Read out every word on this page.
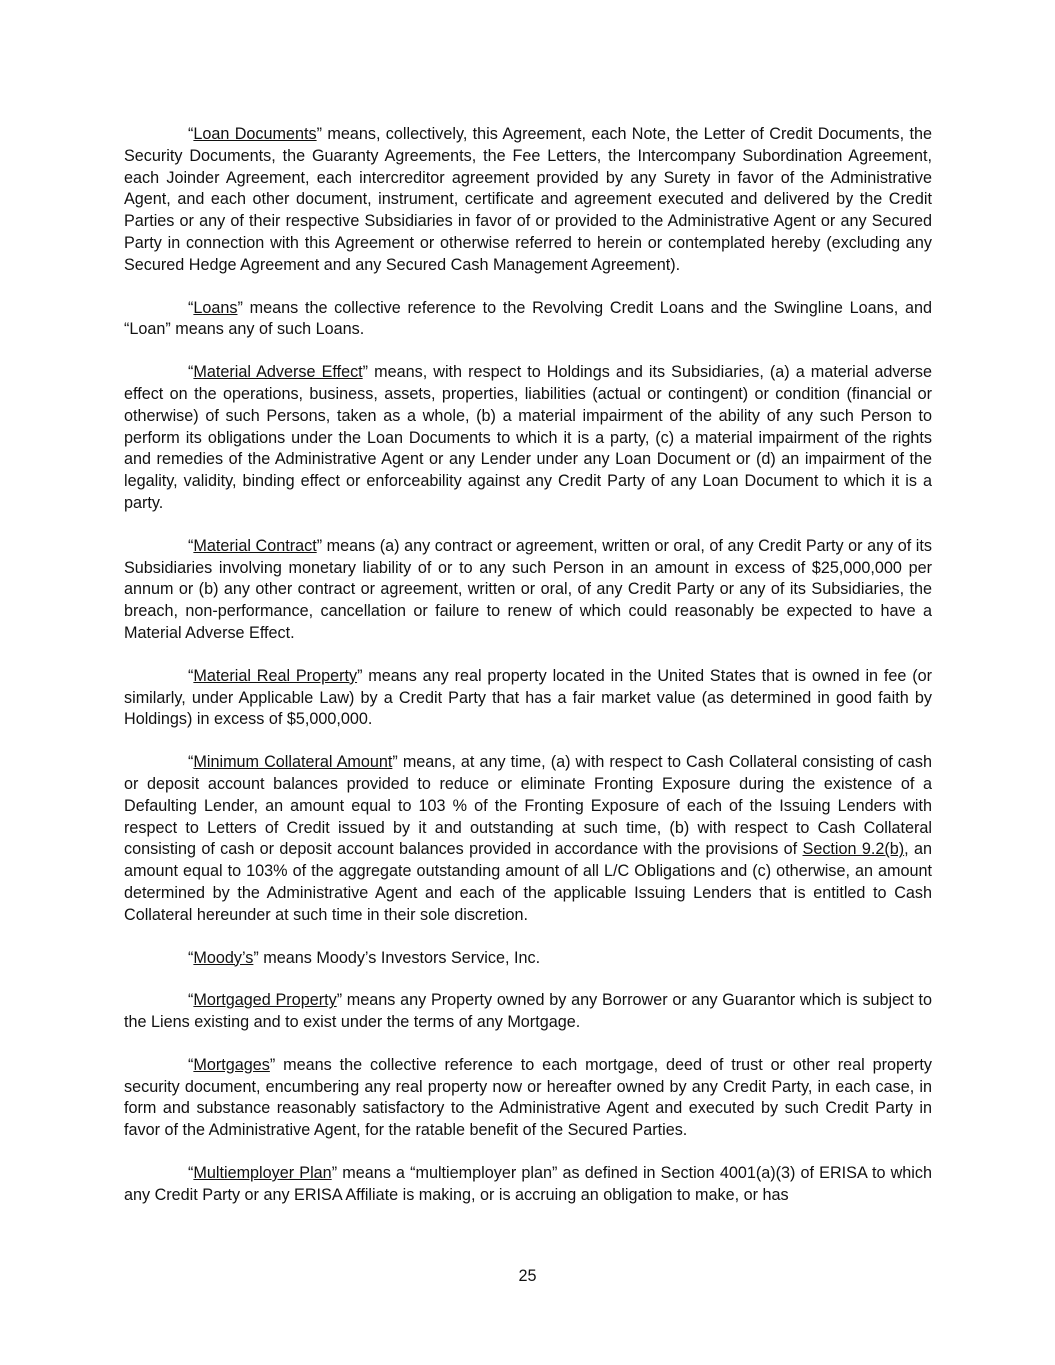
“Loan Documents” means, collectively, this Agreement, each Note, the Letter of Credit Documents, the Security Documents, the Guaranty Agreements, the Fee Letters, the Intercompany Subordination Agreement, each Joinder Agreement, each intercreditor agreement provided by any Surety in favor of the Administrative Agent, and each other document, instrument, certificate and agreement executed and delivered by the Credit Parties or any of their respective Subsidiaries in favor of or provided to the Administrative Agent or any Secured Party in connection with this Agreement or otherwise referred to herein or contemplated hereby (excluding any Secured Hedge Agreement and any Secured Cash Management Agreement).

“Loans” means the collective reference to the Revolving Credit Loans and the Swingline Loans, and “Loan” means any of such Loans.

“Material Adverse Effect” means, with respect to Holdings and its Subsidiaries, (a) a material adverse effect on the operations, business, assets, properties, liabilities (actual or contingent) or condition (financial or otherwise) of such Persons, taken as a whole, (b) a material impairment of the ability of any such Person to perform its obligations under the Loan Documents to which it is a party, (c) a material impairment of the rights and remedies of the Administrative Agent or any Lender under any Loan Document or (d) an impairment of the legality, validity, binding effect or enforceability against any Credit Party of any Loan Document to which it is a party.

“Material Contract” means (a) any contract or agreement, written or oral, of any Credit Party or any of its Subsidiaries involving monetary liability of or to any such Person in an amount in excess of $25,000,000 per annum or (b) any other contract or agreement, written or oral, of any Credit Party or any of its Subsidiaries, the breach, non-performance, cancellation or failure to renew of which could reasonably be expected to have a Material Adverse Effect.

“Material Real Property” means any real property located in the United States that is owned in fee (or similarly, under Applicable Law) by a Credit Party that has a fair market value (as determined in good faith by Holdings) in excess of $5,000,000.

“Minimum Collateral Amount” means, at any time, (a) with respect to Cash Collateral consisting of cash or deposit account balances provided to reduce or eliminate Fronting Exposure during the existence of a Defaulting Lender, an amount equal to 103 % of the Fronting Exposure of each of the Issuing Lenders with respect to Letters of Credit issued by it and outstanding at such time, (b) with respect to Cash Collateral consisting of cash or deposit account balances provided in accordance with the provisions of Section 9.2(b), an amount equal to 103% of the aggregate outstanding amount of all L/C Obligations and (c) otherwise, an amount determined by the Administrative Agent and each of the applicable Issuing Lenders that is entitled to Cash Collateral hereunder at such time in their sole discretion.

“Moody’s” means Moody’s Investors Service, Inc.

“Mortgaged Property” means any Property owned by any Borrower or any Guarantor which is subject to the Liens existing and to exist under the terms of any Mortgage.

“Mortgages” means the collective reference to each mortgage, deed of trust or other real property security document, encumbering any real property now or hereafter owned by any Credit Party, in each case, in form and substance reasonably satisfactory to the Administrative Agent and executed by such Credit Party in favor of the Administrative Agent, for the ratable benefit of the Secured Parties.

“Multiemployer Plan” means a “multiemployer plan” as defined in Section 4001(a)(3) of ERISA to which any Credit Party or any ERISA Affiliate is making, or is accruing an obligation to make, or has

25
